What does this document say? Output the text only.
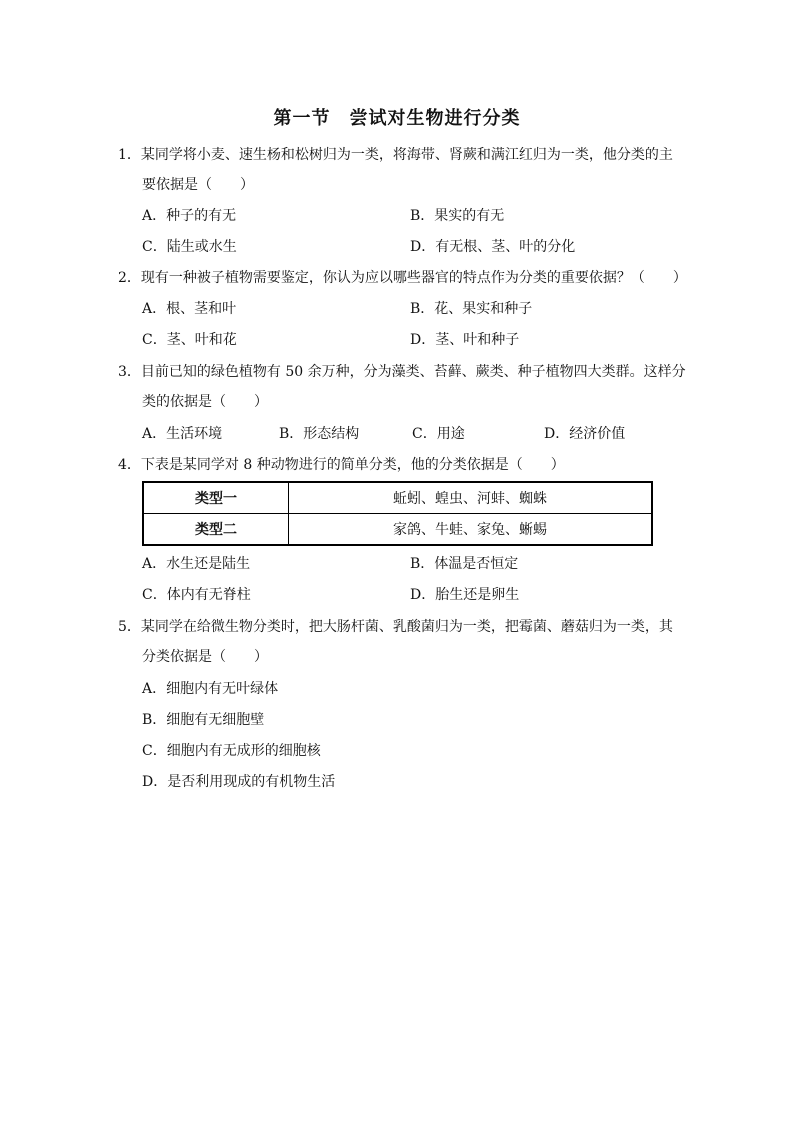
第一节　尝试对生物进行分类
1．某同学将小麦、速生杨和松树归为一类，将海带、肾蕨和满江红归为一类，他分类的主
要依据是（　　）
A．种子的有无	B．果实的有无
C．陆生或水生	D．有无根、茎、叶的分化
2．现有一种被子植物需要鉴定，你认为应以哪些器官的特点作为分类的重要依据？（　　）
A．根、茎和叶	B．花、果实和种子
C．茎、叶和花	D．茎、叶和种子
3．目前已知的绿色植物有 50 余万种，分为藻类、苔藓、蕨类、种子植物四大类群。这样分
类的依据是（　　）
A．生活环境	B．形态结构	C．用途	D．经济价值
4．下表是某同学对 8 种动物进行的简单分类，他的分类依据是（　　）
类型一	蚯蚓、蝗虫、河蚌、蜘蛛
类型二	家鸽、牛蛙、家兔、蜥蜴
A．水生还是陆生	B．体温是否恒定
C．体内有无脊柱	D．胎生还是卵生
5．某同学在给微生物分类时，把大肠杆菌、乳酸菌归为一类，把霉菌、蘑菇归为一类，其
分类依据是（　　）
A．细胞内有无叶绿体
B．细胞有无细胞壁
C．细胞内有无成形的细胞核
D．是否利用现成的有机物生活
